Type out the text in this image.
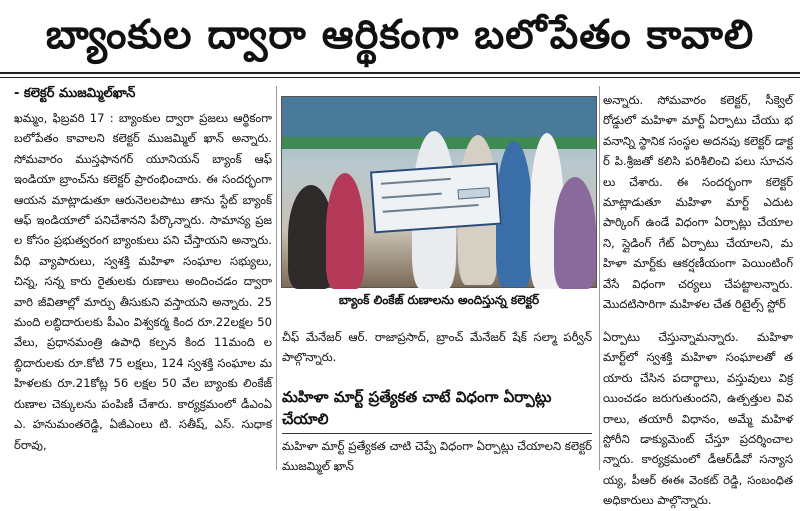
బ్యాంకుల ద్వారా ఆర్థికంగా బలోపేతం కావాలి
- కలెక్టర్ ముజమ్మిల్‌ఖాన్

ఖమ్మం, ఫిబ్రవరి 17 : బ్యాంకుల ద్వారా ప్రజలు ఆర్థికంగా బలోపేతం కావాలని కలెక్టర్ ముజమ్మిల్ ఖాన్ అన్నారు. సోమవారం ముస్తఫానగర్ యూనియన్ బ్యాంక్ ఆఫ్ ఇండియా బ్రాంచ్‌ను కలెక్టర్ ప్రారంభించారు. ఈ సందర్భంగా ఆయన మాట్లాడుతూ ఆరునెలలపాటు తాను స్టేట్ బ్యాంక్ ఆఫ్ ఇండియాలో పనిచేశానని పేర్కొన్నారు. సామాన్య ప్రజల కోసం ప్రభుత్వరంగ బ్యాంకులు పని చేస్తాయని అన్నారు. వీధి వ్యాపారులు, స్వశక్తి మహిళా సంఘాల సభ్యులు, చిన్న, సన్న కారు రైతులకు రుణాలు అందించడం ద్వారా వారి జీవితాల్లో మార్పు తీసుకుని వస్తాయని అన్నారు. 25మంది లబ్ధిదారులకు పీఎం విశ్వకర్మ కింద రూ.22లక్షల 50 వేలు, ప్రధానమంత్రి ఉపాధి కల్పన కింద 11మంది లబ్ధిదారులకు రూ.కోటి 75 లక్షలు, 124 స్వశక్తి సంఘాల మహిళలకు రూ.21కోట్ల 56 లక్షల 50 వేల బ్యాంకు లింకేజ్ రుణాల చెక్కులను పంపిణీ చేశారు. కార్యక్రమంలో డీఎంఏ ఎ. హనుమంతరెడ్డి, ఏజీఎంలు టి. సతీష్, ఎస్. సుధాకర్‌రావు,

బ్యాంక్ లింకేజ్ రుణాలను అందిస్తున్న కలెక్టర్

చీఫ్ మేనేజర్ ఆర్. రాజాప్రసాద్, బ్రాంచ్ మేనేజర్ షేక్ సల్మా పర్వీన్ పాల్గొన్నారు.

మహిళా మార్ట్ ప్రత్యేకత చాటే విధంగా ఏర్పాట్లు చేయాలి

మహిళా మార్ట్ ప్రత్యేకత చాటి చెప్పే విధంగా ఏర్పాట్లు చేయాలని కలెక్టర్ ముజమ్మిల్ ఖాన్

అన్నారు. సోమవారం కలెక్టర్, సీక్వెల్ రోడ్డులో మహిళా మార్ట్ ఏర్పాటు చేయు భవనాన్ని స్థానిక సంస్థల అదనపు కలెక్టర్ డాక్టర్ పి.శ్రీజతో కలిసి పరిశీలించి పలు సూచనలు చేశారు. ఈ సందర్భంగా కలెక్టర్ మాట్లాడుతూ మహిళా మార్ట్ ఎదుట పార్కింగ్ ఉండే విధంగా ఏర్పాట్లు చేయాలని, స్లైడింగ్ గేట్ ఏర్పాటు చేయాలని, మహిళా మార్ట్‌కు ఆకర్షణీయంగా పెయింటింగ్ వేసే విధంగా చర్యలు చేపట్టాలన్నారు. మొదటిసారిగా మహిళల చేత రిటైల్స్ స్టోర్

ఏర్పాటు చేస్తున్నామన్నారు. మహిళా మార్ట్‌లో స్వశక్తి మహిళా సంఘాలతో తయారు చేసిన పదార్థాలు, వస్తువులు విక్రయించడం జరుగుతుందని, ఉత్పత్తుల వివరాలు, తయారీ విధానం, అమ్మే మహిళ స్టోరీని డాక్యుమెంట్ చేస్తూ ప్రదర్శించాలన్నారు. కార్యక్రమంలో డీఆర్‌డీవో సన్యాసయ్య, పీఆర్ ఈఈ వెంకట్ రెడ్డి, సంబంధిత అధికారులు పాల్గొన్నారు.
